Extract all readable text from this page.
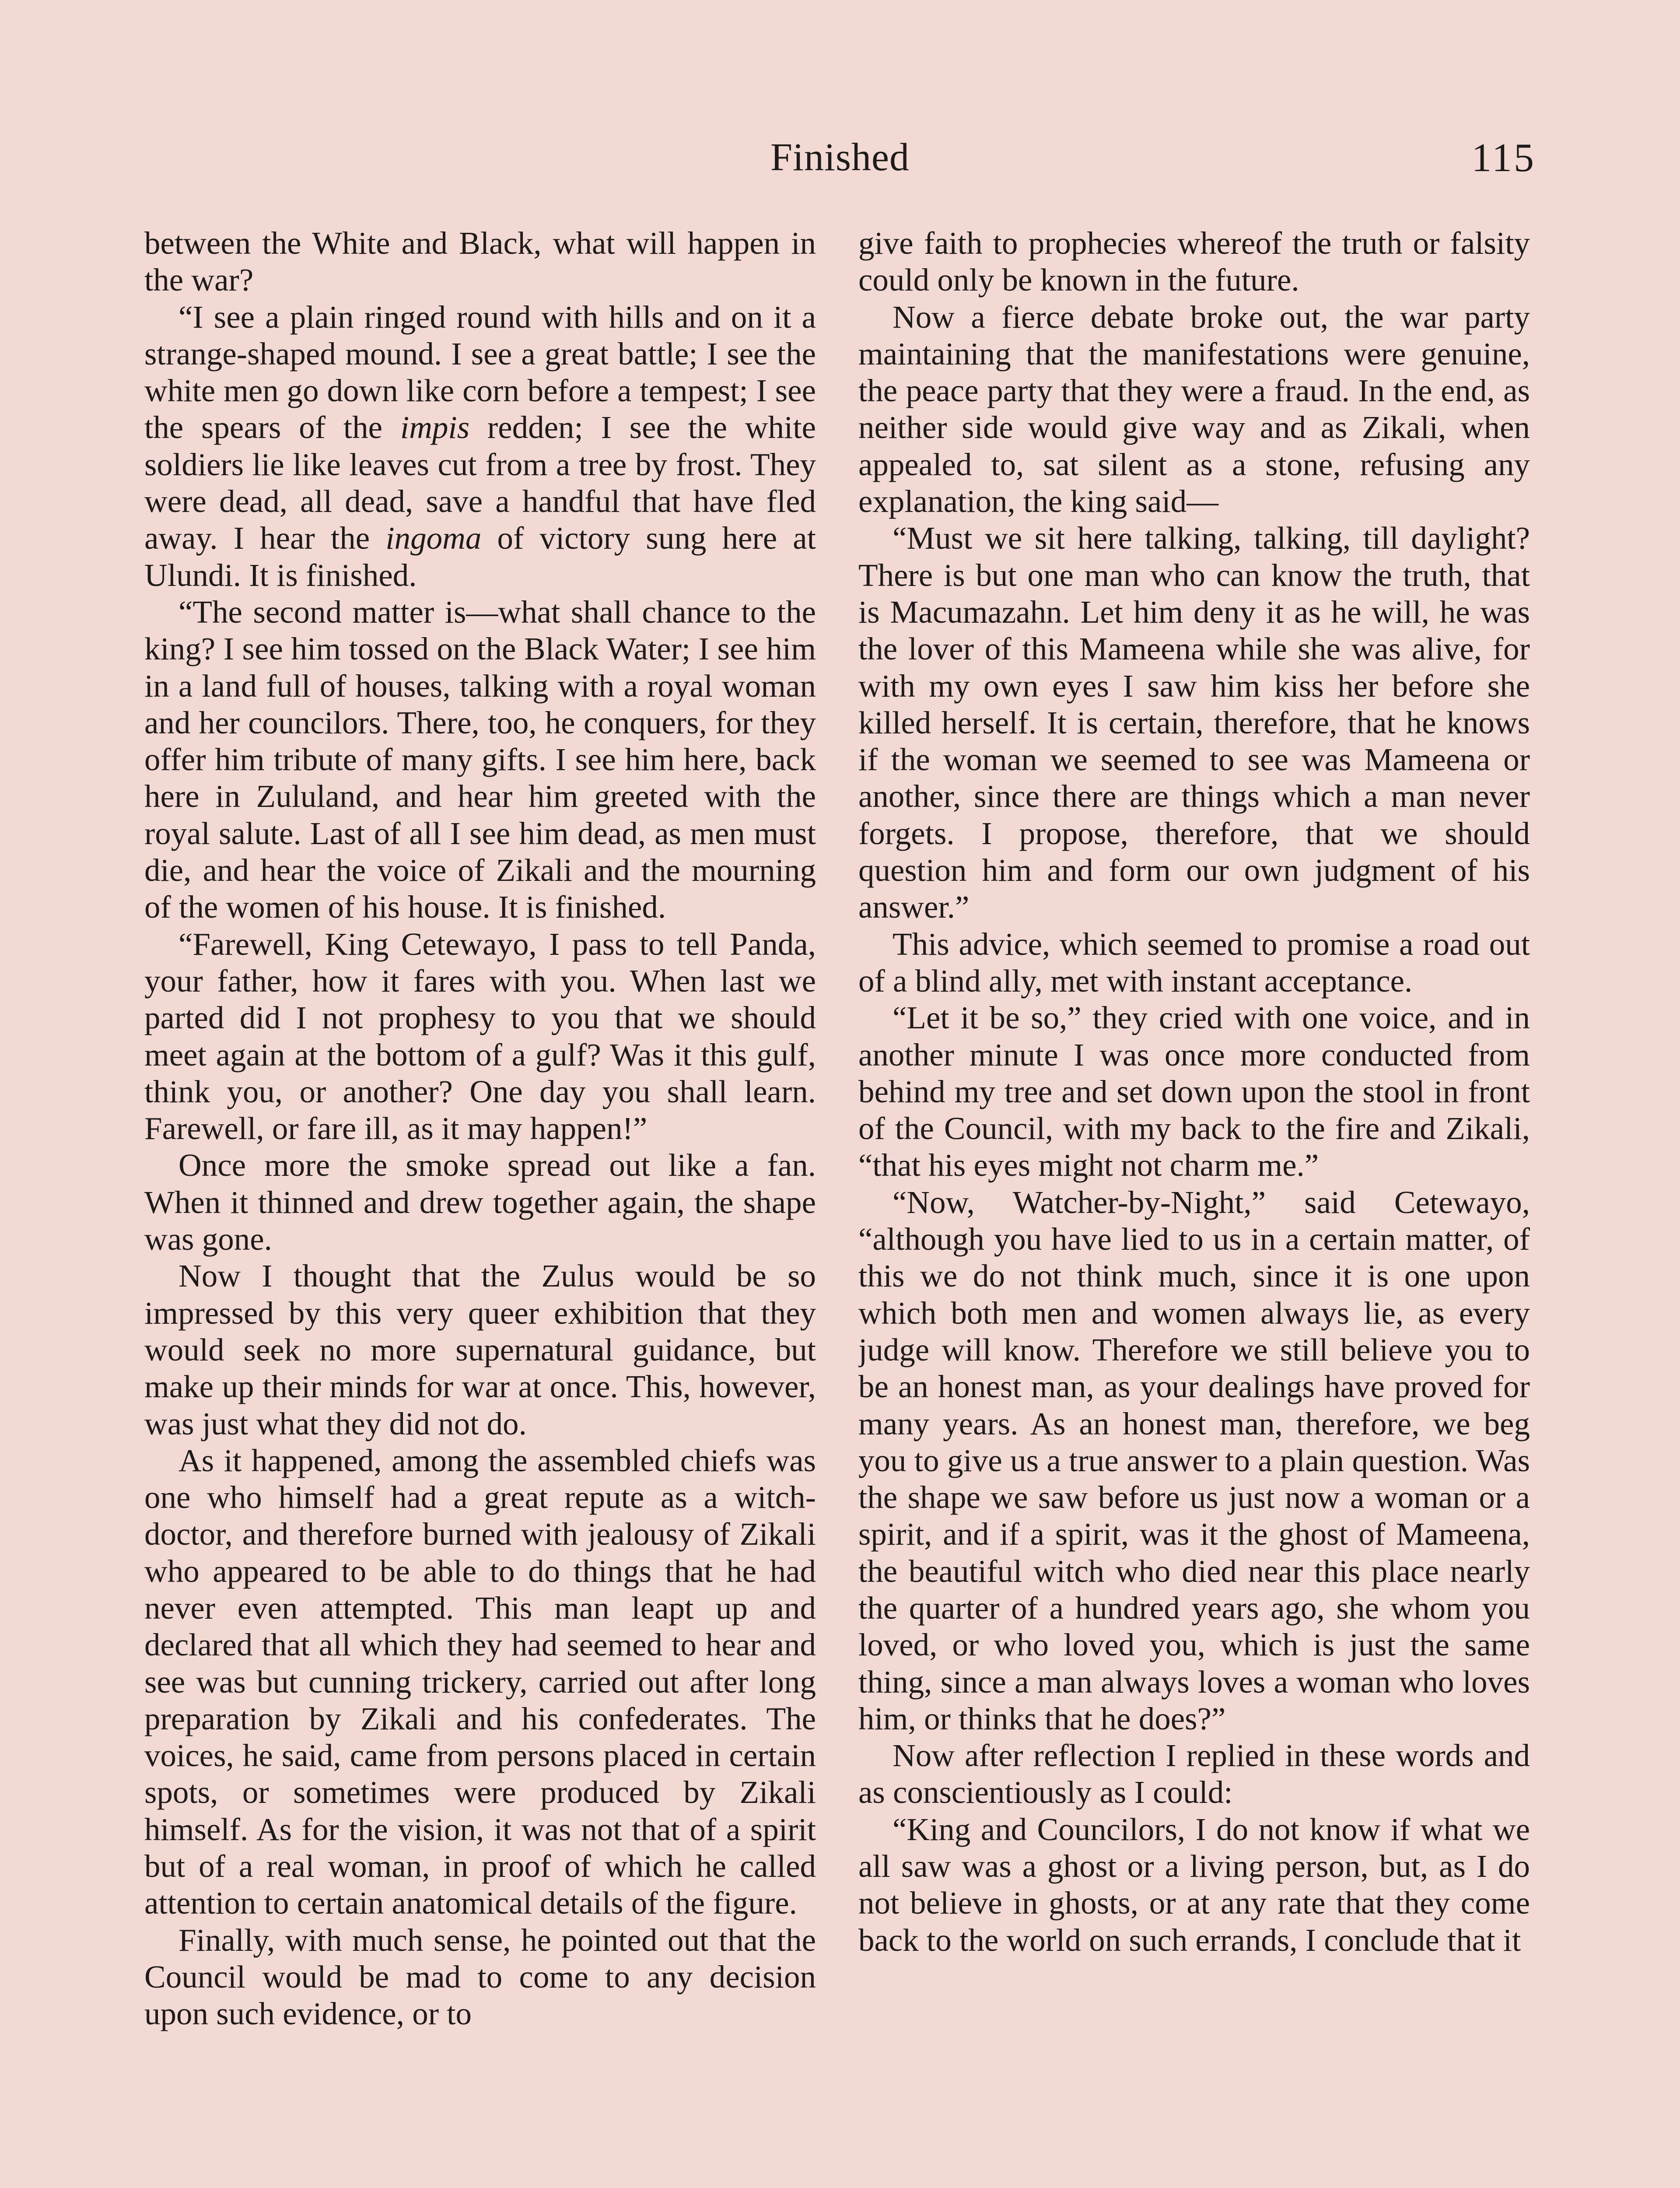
Finished	115

between the White and Black, what will happen in the war?

“I see a plain ringed round with hills and on it a strange-shaped mound. I see a great battle; I see the white men go down like corn before a tempest; I see the spears of the impis redden; I see the white soldiers lie like leaves cut from a tree by frost. They were dead, all dead, save a handful that have fled away. I hear the ingoma of victory sung here at Ulundi. It is finished.

“The second matter is—what shall chance to the king? I see him tossed on the Black Water; I see him in a land full of houses, talking with a royal woman and her councilors. There, too, he conquers, for they offer him tribute of many gifts. I see him here, back here in Zululand, and hear him greeted with the royal salute. Last of all I see him dead, as men must die, and hear the voice of Zikali and the mourning of the women of his house. It is finished.

“Farewell, King Cetewayo, I pass to tell Panda, your father, how it fares with you. When last we parted did I not prophesy to you that we should meet again at the bottom of a gulf? Was it this gulf, think you, or another? One day you shall learn. Farewell, or fare ill, as it may happen!”

Once more the smoke spread out like a fan. When it thinned and drew together again, the shape was gone.

Now I thought that the Zulus would be so impressed by this very queer exhibition that they would seek no more supernatural guidance, but make up their minds for war at once. This, however, was just what they did not do.

As it happened, among the assembled chiefs was one who himself had a great repute as a witch-doctor, and therefore burned with jealousy of Zikali who appeared to be able to do things that he had never even attempted. This man leapt up and declared that all which they had seemed to hear and see was but cunning trickery, carried out after long preparation by Zikali and his confederates. The voices, he said, came from persons placed in certain spots, or sometimes were produced by Zikali himself. As for the vision, it was not that of a spirit but of a real woman, in proof of which he called attention to certain anatomical details of the figure.

Finally, with much sense, he pointed out that the Council would be mad to come to any decision upon such evidence, or to

give faith to prophecies whereof the truth or falsity could only be known in the future.

Now a fierce debate broke out, the war party maintaining that the manifestations were genuine, the peace party that they were a fraud. In the end, as neither side would give way and as Zikali, when appealed to, sat silent as a stone, refusing any explanation, the king said—

“Must we sit here talking, talking, till daylight? There is but one man who can know the truth, that is Macumazahn. Let him deny it as he will, he was the lover of this Mameena while she was alive, for with my own eyes I saw him kiss her before she killed herself. It is certain, therefore, that he knows if the woman we seemed to see was Mameena or another, since there are things which a man never forgets. I propose, therefore, that we should question him and form our own judgment of his answer.”

This advice, which seemed to promise a road out of a blind ally, met with instant acceptance.

“Let it be so,” they cried with one voice, and in another minute I was once more conducted from behind my tree and set down upon the stool in front of the Council, with my back to the fire and Zikali, “that his eyes might not charm me.”

“Now, Watcher-by-Night,” said Cetewayo, “although you have lied to us in a certain matter, of this we do not think much, since it is one upon which both men and women always lie, as every judge will know. Therefore we still believe you to be an honest man, as your dealings have proved for many years. As an honest man, therefore, we beg you to give us a true answer to a plain question. Was the shape we saw before us just now a woman or a spirit, and if a spirit, was it the ghost of Mameena, the beautiful witch who died near this place nearly the quarter of a hundred years ago, she whom you loved, or who loved you, which is just the same thing, since a man always loves a woman who loves him, or thinks that he does?”

Now after reflection I replied in these words and as conscientiously as I could:

“King and Councilors, I do not know if what we all saw was a ghost or a living person, but, as I do not believe in ghosts, or at any rate that they come back to the world on such errands, I conclude that it
